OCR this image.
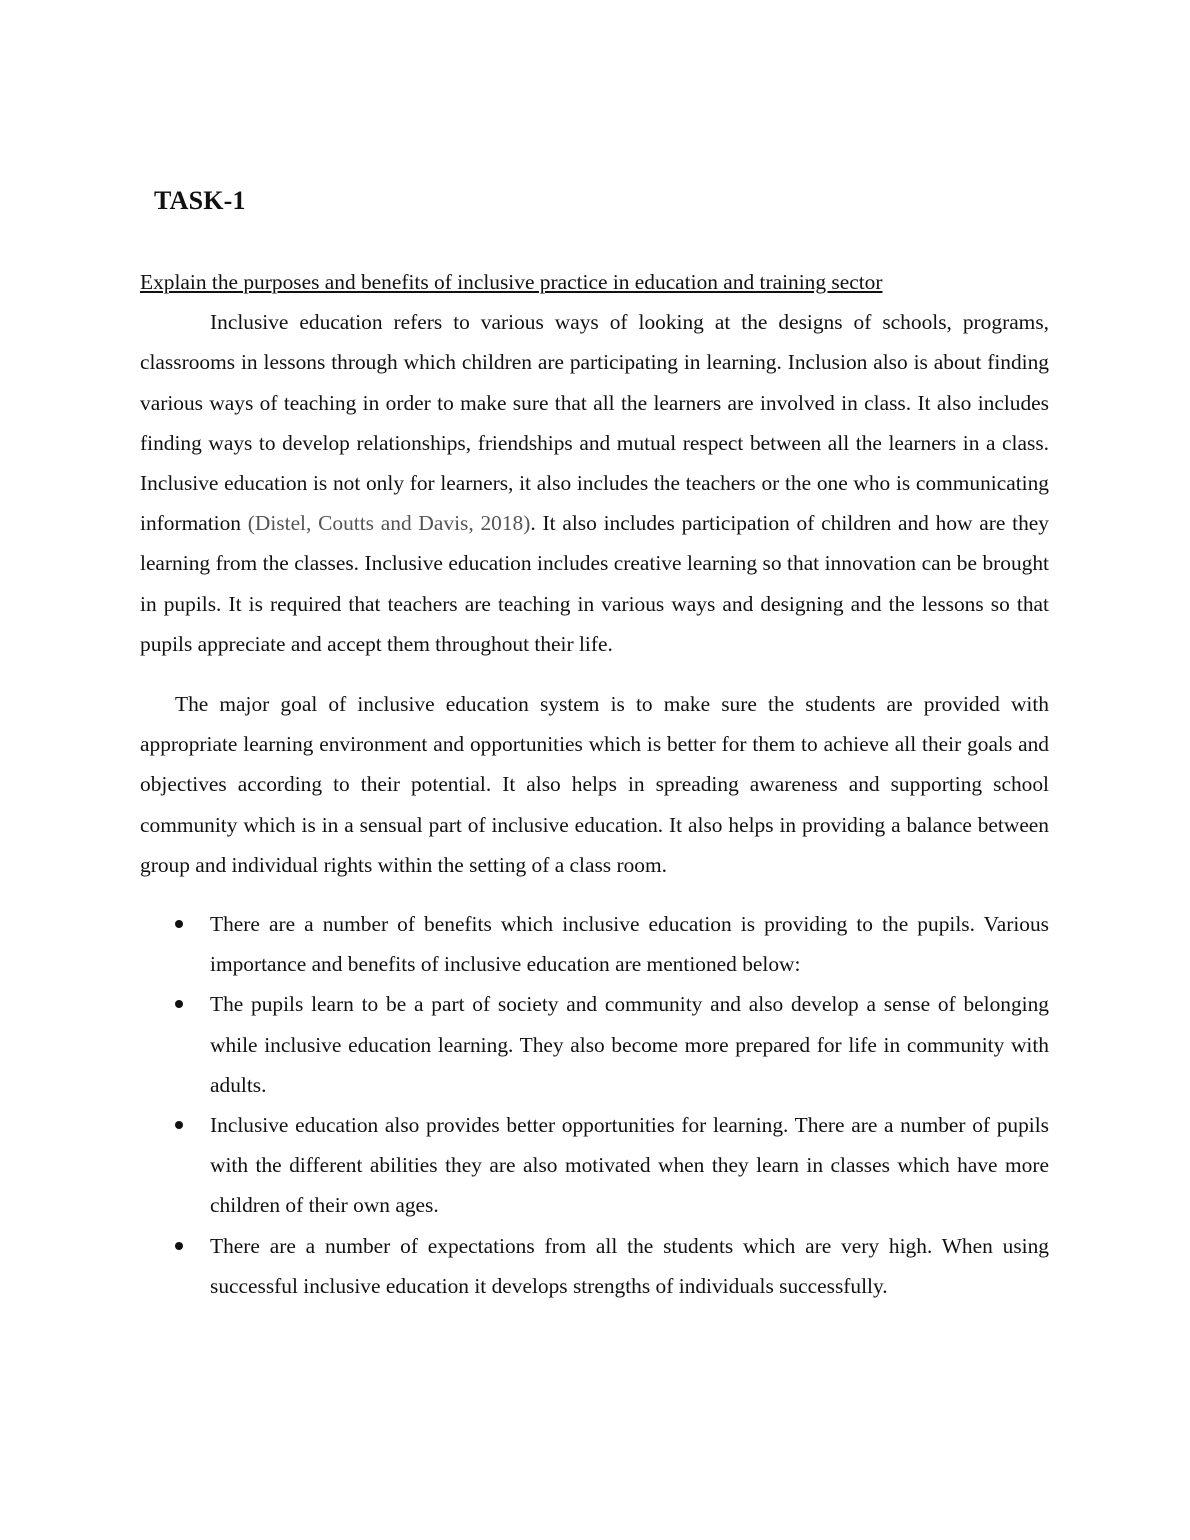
TASK-1

Explain the purposes and benefits of inclusive practice in education and training sector

Inclusive education refers to various ways of looking at the designs of schools, programs, classrooms in lessons through which children are participating in learning. Inclusion also is about finding various ways of teaching in order to make sure that all the learners are involved in class. It also includes finding ways to develop relationships, friendships and mutual respect between all the learners in a class. Inclusive education is not only for learners, it also includes the teachers or the one who is communicating information (Distel, Coutts and Davis, 2018). It also includes participation of children and how are they learning from the classes. Inclusive education includes creative learning so that innovation can be brought in pupils. It is required that teachers are teaching in various ways and designing and the lessons so that pupils appreciate and accept them throughout their life.

The major goal of inclusive education system is to make sure the students are provided with appropriate learning environment and opportunities which is better for them to achieve all their goals and objectives according to their potential. It also helps in spreading awareness and supporting school community which is in a sensual part of inclusive education. It also helps in providing a balance between group and individual rights within the setting of a class room.

There are a number of benefits which inclusive education is providing to the pupils. Various importance and benefits of inclusive education are mentioned below:
The pupils learn to be a part of society and community and also develop a sense of belonging while inclusive education learning. They also become more prepared for life in community with adults.
Inclusive education also provides better opportunities for learning. There are a number of pupils with the different abilities they are also motivated when they learn in classes which have more children of their own ages.
There are a number of expectations from all the students which are very high. When using successful inclusive education it develops strengths of individuals successfully.
